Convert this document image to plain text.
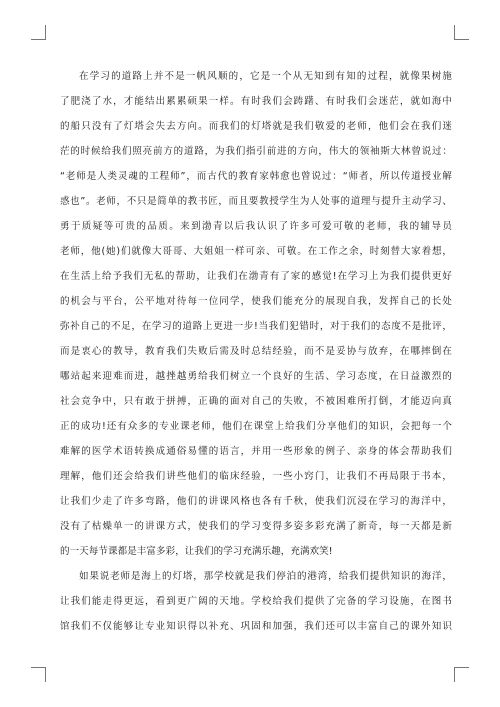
在学习的道路上并不是一帆风顺的，它是一个从无知到有知的过程，就像果树施
了肥浇了水，才能结出累累硕果一样。有时我们会踌躇、有时我们会迷茫，就如海中
的船只没有了灯塔会失去方向。而我们的灯塔就是我们敬爱的老师，他们会在我们迷
茫的时候给我们照亮前方的道路，为我们指引前进的方向，伟大的领袖斯大林曾说过：
“老师是人类灵魂的工程师”，而古代的教育家韩愈也曾说过：“师者，所以传道授业解
惑也”。老师，不只是简单的教书匠，而且要教授学生为人处事的道理与提升主动学习、
勇于质疑等可贵的品质。来到渤青以后我认识了许多可爱可敬的老师，我的辅导员
老师，他(她)们就像大哥哥、大姐姐一样可亲、可敬。在工作之余，时刻替大家着想，
在生活上给予我们无私的帮助，让我们在渤青有了家的感觉!在学习上为我们提供更好
的机会与平台，公平地对待每一位同学，使我们能充分的展现自我，发挥自己的长处
弥补自己的不足，在学习的道路上更进一步!当我们犯错时，对于我们的态度不是批评，
而是衷心的教导，教育我们失败后需及时总结经验，而不是妥协与放弃，在哪摔倒在
哪站起来迎难而进，越挫越勇给我们树立一个良好的生活、学习态度，在日益激烈的
社会竞争中，只有敢于拼搏，正确的面对自己的失败，不被困难所打倒，才能迈向真
正的成功!还有众多的专业课老师，他们在课堂上给我们分享他们的知识，会把每一个
难解的医学术语转换成通俗易懂的语言，并用一些形象的例子、亲身的体会帮助我们
理解，他们还会给我们讲些他们的临床经验，一些小窍门，让我们不再局限于书本，
让我们少走了许多弯路，他们的讲课风格也各有千秋，使我们沉浸在学习的海洋中，
没有了枯燥单一的讲课方式，使我们的学习变得多姿多彩充满了新奇，每一天都是新
的一天每节课都是丰富多彩，让我们的学习充满乐趣，充满欢笑!
如果说老师是海上的灯塔，那学校就是我们停泊的港湾，给我们提供知识的海洋，
让我们能走得更远，看到更广阔的天地。学校给我们提供了完备的学习设施，在图书
馆我们不仅能够让专业知识得以补充、巩固和加强，我们还可以丰富自己的课外知识
